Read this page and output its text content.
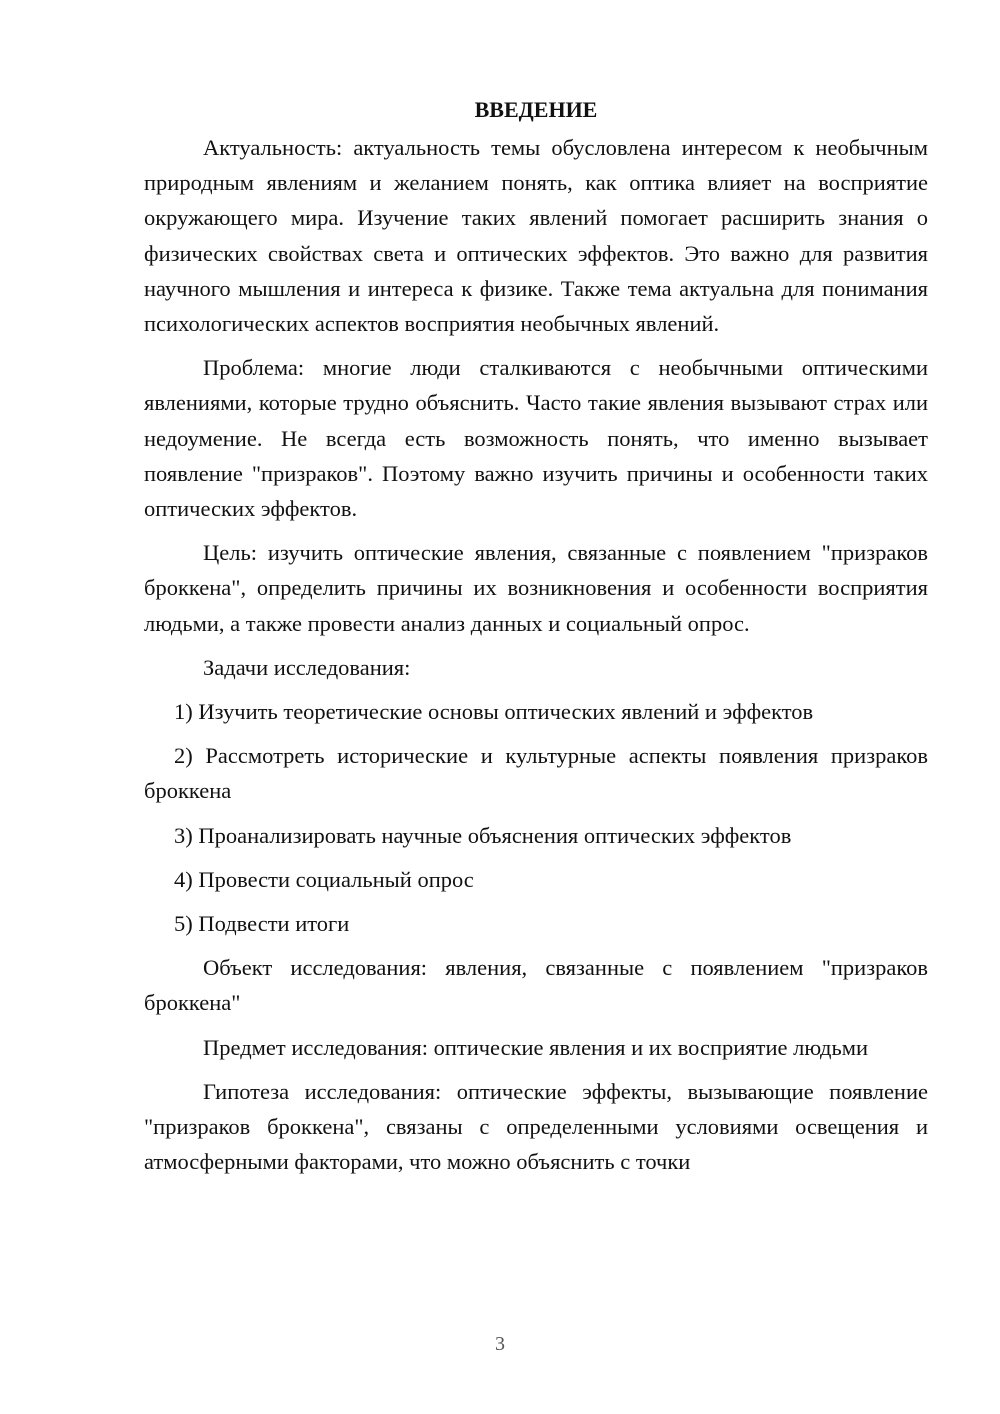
ВВЕДЕНИЕ

Актуальность: актуальность темы обусловлена интересом к необычным природным явлениям и желанием понять, как оптика влияет на восприятие окружающего мира. Изучение таких явлений помогает расширить знания о физических свойствах света и оптических эффектов. Это важно для развития научного мышления и интереса к физике. Также тема актуальна для понимания психологических аспектов восприятия необычных явлений.

Проблема: многие люди сталкиваются с необычными оптическими явлениями, которые трудно объяснить. Часто такие явления вызывают страх или недоумение. Не всегда есть возможность понять, что именно вызывает появление "призраков". Поэтому важно изучить причины и особенности таких оптических эффектов.

Цель: изучить оптические явления, связанные с появлением "призраков броккена", определить причины их возникновения и особенности восприятия людьми, а также провести анализ данных и социальный опрос.

Задачи исследования:

1) Изучить теоретические основы оптических явлений и эффектов

2) Рассмотреть исторические и культурные аспекты появления призраков броккена

3) Проанализировать научные объяснения оптических эффектов

4) Провести социальный опрос

5) Подвести итоги

Объект исследования: явления, связанные с появлением "призраков броккена"

Предмет исследования: оптические явления и их восприятие людьми

Гипотеза исследования: оптические эффекты, вызывающие появление "призраков броккена", связаны с определенными условиями освещения и атмосферными факторами, что можно объяснить с точки

3
